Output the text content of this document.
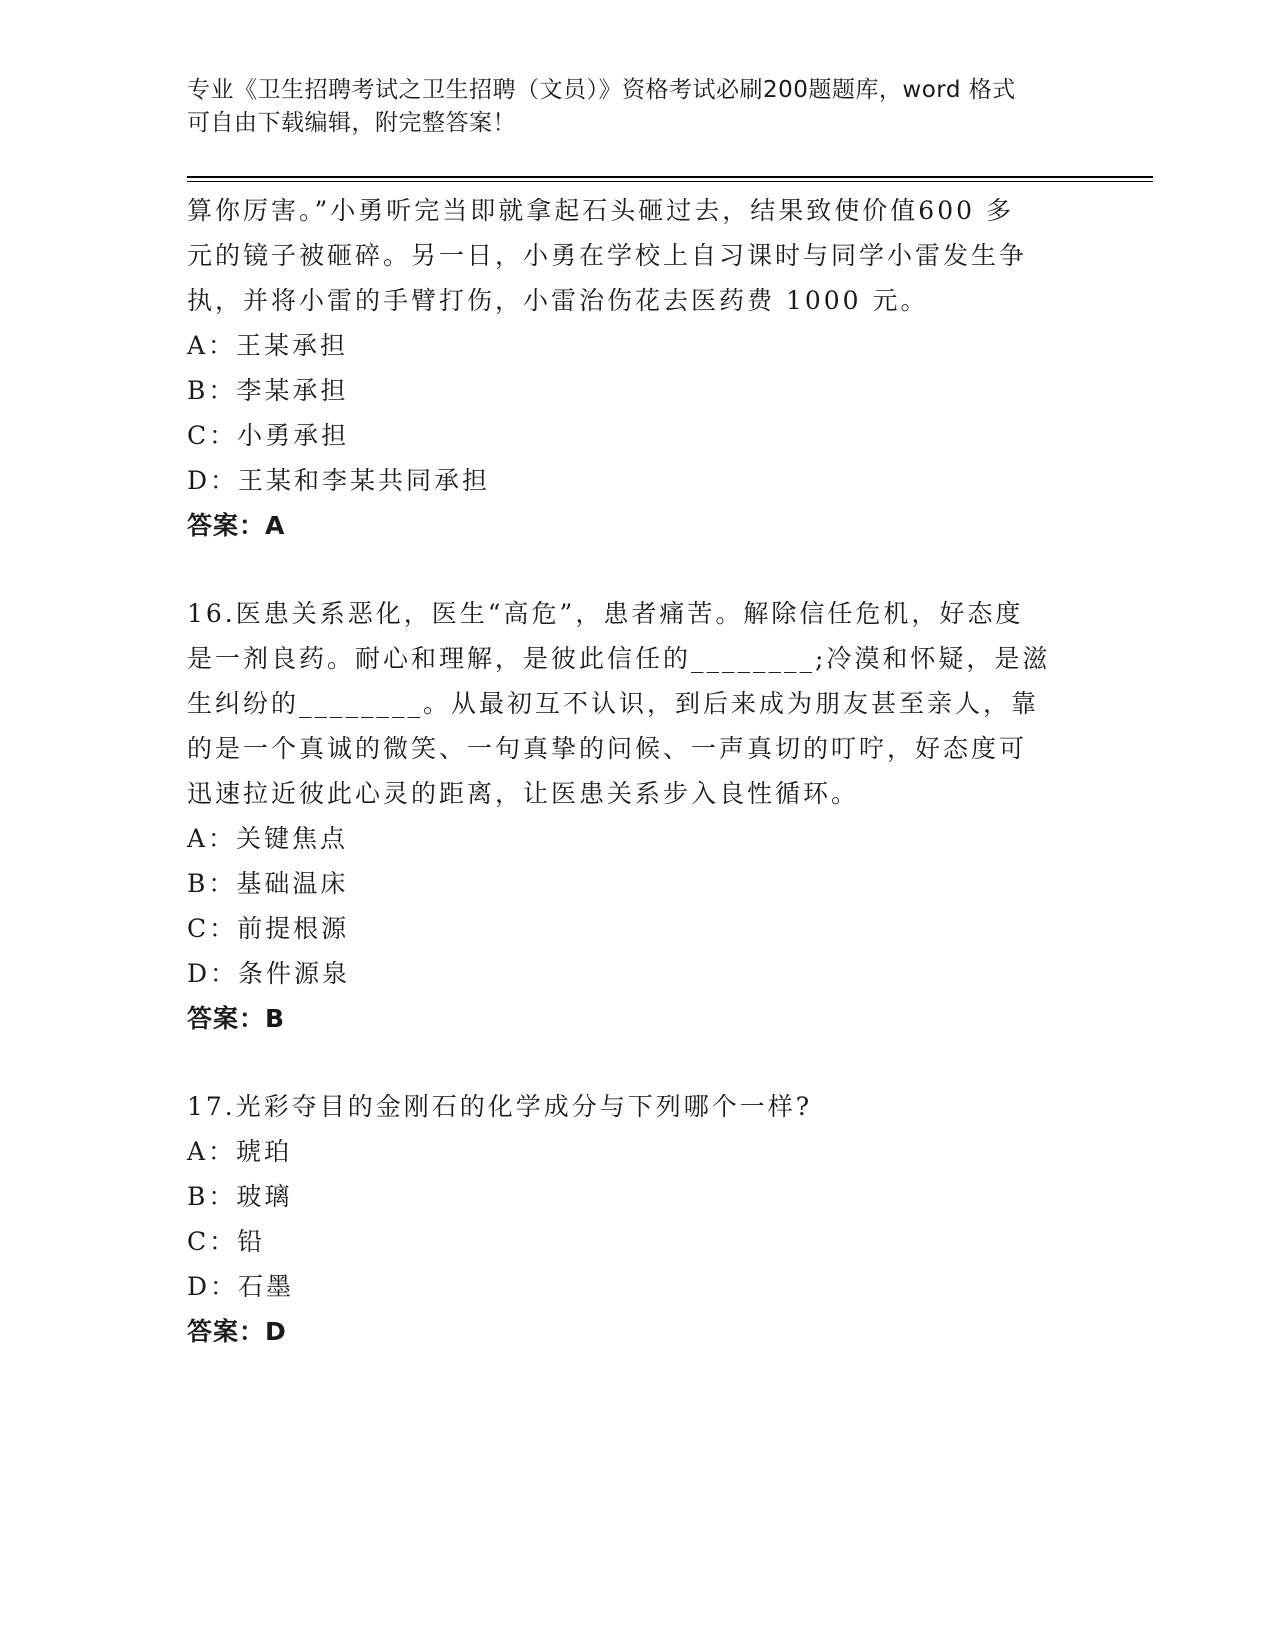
专业《卫生招聘考试之卫生招聘（文员）》资格考试必刷200题题库，word 格式
可自由下载编辑，附完整答案！
算你厉害。”小勇听完当即就拿起石头砸过去，结果致使价值600 多
元的镜子被砸碎。另一日，小勇在学校上自习课时与同学小雷发生争
执，并将小雷的手臂打伤，小雷治伤花去医药费 1000 元。
A：王某承担
B：李某承担
C：小勇承担
D：王某和李某共同承担
答案：A
16.医患关系恶化，医生“高危”，患者痛苦。解除信任危机，好态度
是一剂良药。耐心和理解，是彼此信任的________;冷漠和怀疑，是滋
生纠纷的________。从最初互不认识，到后来成为朋友甚至亲人，靠
的是一个真诚的微笑、一句真挚的问候、一声真切的叮咛，好态度可
迅速拉近彼此心灵的距离，让医患关系步入良性循环。
A：关键焦点
B：基础温床
C：前提根源
D：条件源泉
答案：B
17.光彩夺目的金刚石的化学成分与下列哪个一样?
A：琥珀
B：玻璃
C：铅
D：石墨
答案：D
